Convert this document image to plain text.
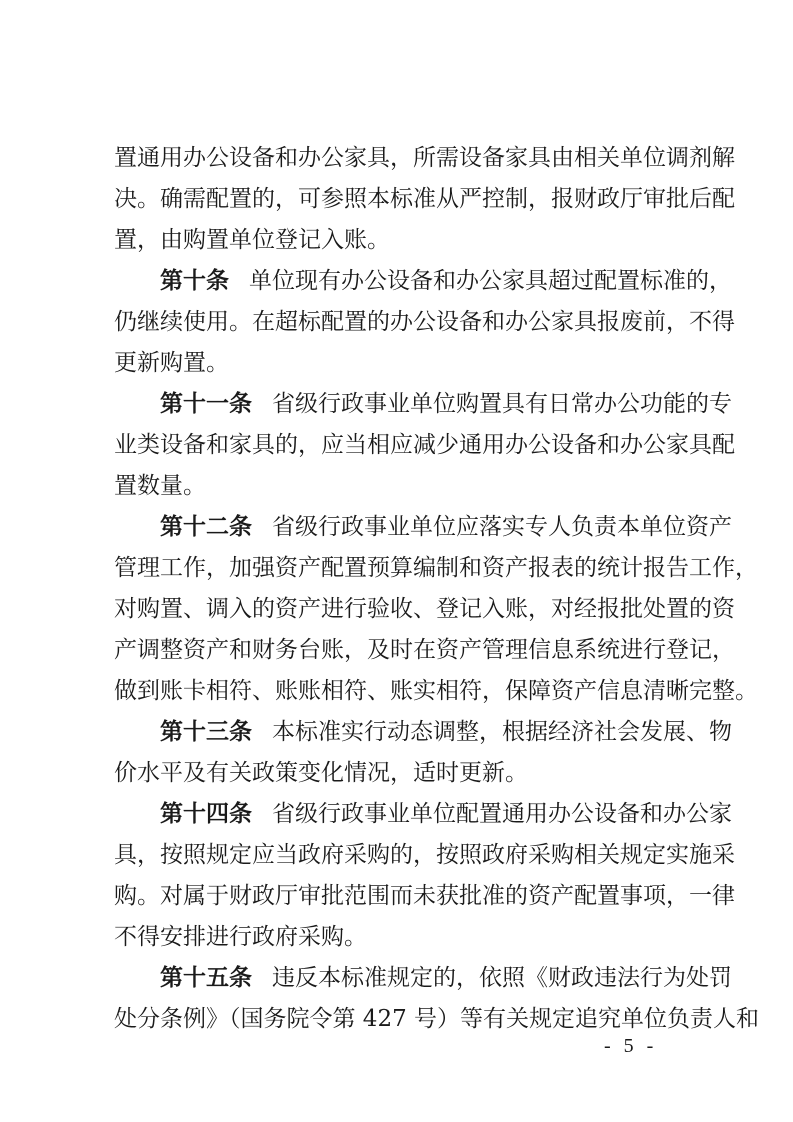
置通用办公设备和办公家具，所需设备家具由相关单位调剂解
决。确需配置的，可参照本标准从严控制，报财政厅审批后配
置，由购置单位登记入账。
第十条 单位现有办公设备和办公家具超过配置标准的，
仍继续使用。在超标配置的办公设备和办公家具报废前，不得
更新购置。
第十一条 省级行政事业单位购置具有日常办公功能的专
业类设备和家具的，应当相应减少通用办公设备和办公家具配
置数量。
第十二条 省级行政事业单位应落实专人负责本单位资产
管理工作，加强资产配置预算编制和资产报表的统计报告工作，
对购置、调入的资产进行验收、登记入账，对经报批处置的资
产调整资产和财务台账，及时在资产管理信息系统进行登记，
做到账卡相符、账账相符、账实相符，保障资产信息清晰完整。
第十三条 本标准实行动态调整，根据经济社会发展、物
价水平及有关政策变化情况，适时更新。
第十四条 省级行政事业单位配置通用办公设备和办公家
具，按照规定应当政府采购的，按照政府采购相关规定实施采
购。对属于财政厅审批范围而未获批准的资产配置事项，一律
不得安排进行政府采购。
第十五条 违反本标准规定的，依照《财政违法行为处罚
处分条例》（国务院令第 427 号）等有关规定追究单位负责人和
- 5 -
